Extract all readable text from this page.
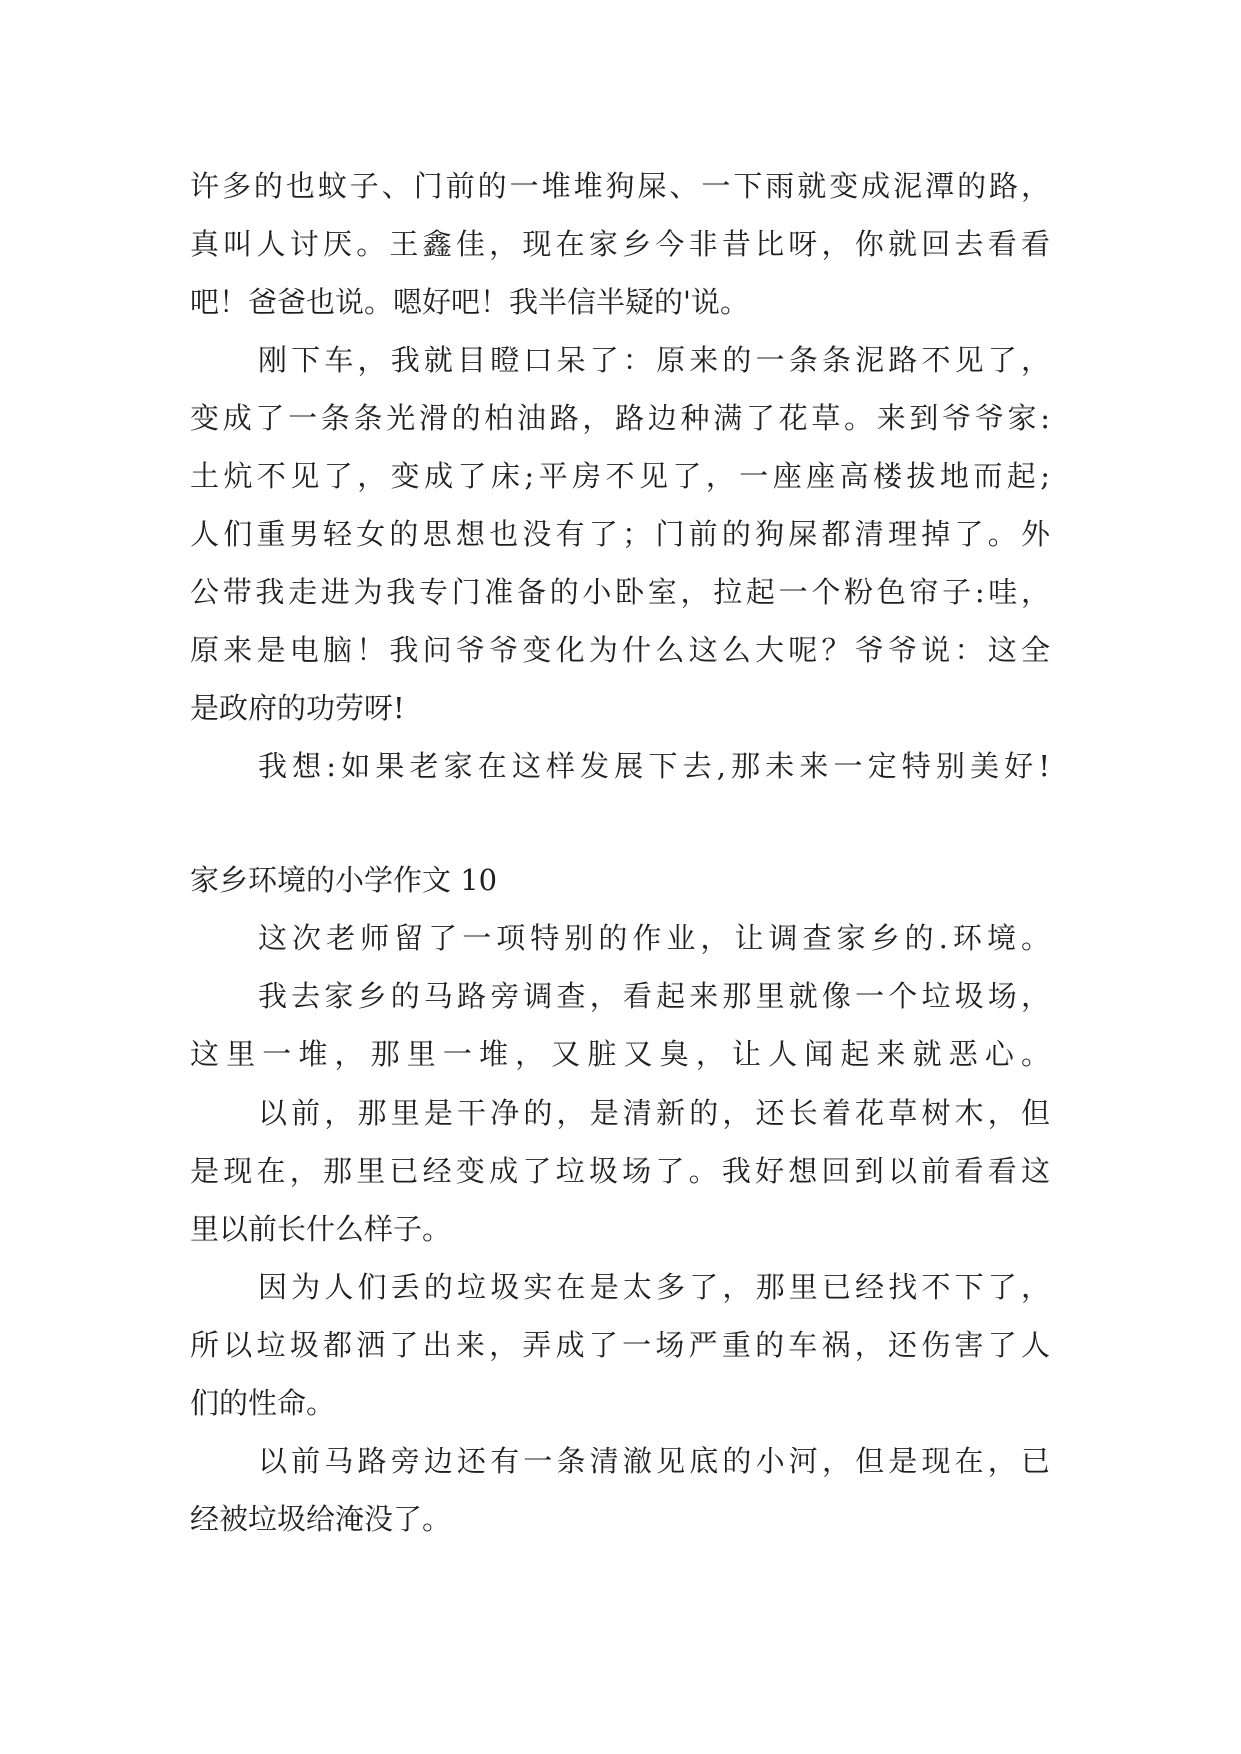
许多的也蚊子、门前的一堆堆狗屎、一下雨就变成泥潭的路，
真叫人讨厌。王鑫佳，现在家乡今非昔比呀，你就回去看看
吧！爸爸也说。嗯好吧！我半信半疑的'说。
刚下车，我就目瞪口呆了：原来的一条条泥路不见了，
变成了一条条光滑的柏油路，路边种满了花草。来到爷爷家:
土炕不见了，变成了床;平房不见了，一座座高楼拔地而起;
人们重男轻女的思想也没有了；门前的狗屎都清理掉了。外
公带我走进为我专门准备的小卧室，拉起一个粉色帘子:哇，
原来是电脑！我问爷爷变化为什么这么大呢？爷爷说：这全
是政府的功劳呀!
我想:如果老家在这样发展下去,那未来一定特别美好!
家乡环境的小学作文 10
这次老师留了一项特别的作业，让调查家乡的.环境。
我去家乡的马路旁调查，看起来那里就像一个垃圾场，
这里一堆，那里一堆，又脏又臭，让人闻起来就恶心。
以前，那里是干净的，是清新的，还长着花草树木，但
是现在，那里已经变成了垃圾场了。我好想回到以前看看这
里以前长什么样子。
因为人们丢的垃圾实在是太多了，那里已经找不下了，
所以垃圾都洒了出来，弄成了一场严重的车祸，还伤害了人
们的性命。
以前马路旁边还有一条清澈见底的小河，但是现在，已
经被垃圾给淹没了。
